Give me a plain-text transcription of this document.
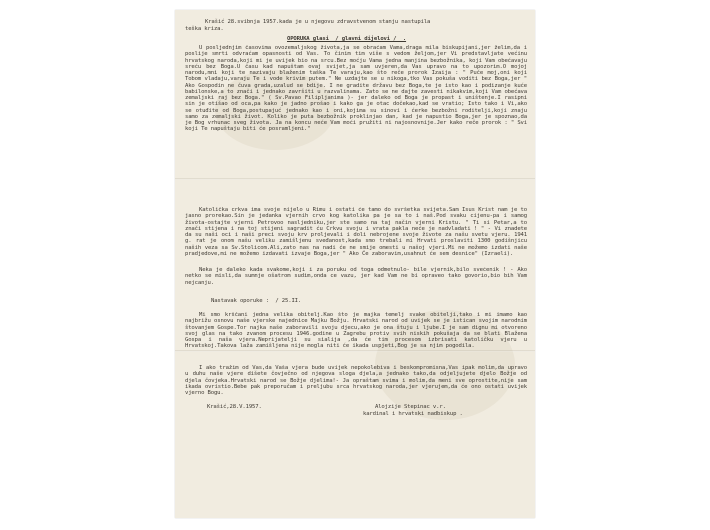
Krašić 28.svibnja 1957.kada je u njegovu zdravstvenom stanju nastupila
teška kriza.
OPORUKA glasi  / glavni dijelovi /  .
U posljednjim časovima ovozemaljskog života,ja se obraćam Vama,draga mila biskupijani,jer želim,da i poslije smrti odvraćam opasnosti od Vas. To činim tim više s vedom željom,jer Vi predstavljate većinu hrvatskog naroda,koji mi je uvijek bio na srcu.Bez moćju Vama jedna manjina bezbožnika, koji Vam obećavaju sreću bez Boga.U času kad napuštam ovaj svijet,ja sam uvjeren,da Vas upravo na to upozorim.O mojoj narodu,mni koji te nazivaju blaženim taška Te varaju,kao što reče prorok Izaija : " Puče moj,oni koji Tobom vladaju,varaju Te i vode krivim putem." Ne uzdajte se u nikoga,tko Vas pokuša voditi bez Boga,jer " Ako Gospodin ne čuva grada,uzalud se bdije. I ne gradite državu bez Boga,te je isto kao i podizanje kuće babilonske,a to znači i jednako završiti u razvalinama. Zato se ne dajte zavesti nikakvim,koji Vam obećava zemaljski raj bez Boga." ( Sv.Pavao Filipljanima )- jer daleko od Boga je propast i uništenje.I rasipni sin je otišao od oca,pa kako je jadno prošao i kako ga je otac dočekao,kad se vratio; Isto tako i Vi,ako se otuđite od Boga,postupajuć jednako kao i oni,kojima su sinovi i ćerke bezbožni roditelji,koji znaju samo za zemaljski život. Koliko je puta bezbožnik proklinjao dan, kad je napustio Boga,jer je spoznao,da je Bog vrhunac sveg života. Ja na koncu neće Vam moći pružiti ni najosnovnije.Jer kako reče prorok : " Svi koji Te napuštaju biti će posramljeni."
Katolička crkva ima svoje nijelo u Rimu i ostati će tamo do svršetka svijeta.Sam Isus Krist nam je to jasno prorekao.Sin je jedanka vjernih crvo kog katolika pa je sa to i naš.Pod svaku cijenu-pa i samog života-ostajte vjerni Petrovoo nasljedniku,jer ste samo na taj način vjerni Kristu. " Ti si Petar,a to znači stijena i na toj stijeni sagradit ću Crkvu svoju i vrata pakla neće je nadvladati ! " - Vi znadete da su naši oci i naši preci svoju krv proljevali i doli nebrojene svoje živote za našu svetu vjeru. 1941 g. rat je onom našu veliku zamišljenu sveđanost,kada smo trebali mi Hrvati proslaviti 1300 godišnjicu naših veza sa Sv.Stolicom.Ali,zato nas na nadi će ne smije omesti u našoj vjeri.Mi ne možemo izdati naše pradjedove,mi ne možemo izdavati izvaje Boga,jer " Ako Će zaboravim,usahnut će sem desnice" (Izraeli).
Neka je daleko kada svakome,koji i za poruku od toga odmetnulo- bile vjernik,bilo svećenik ! - Ako netko se misli,da sumnje ošatrom sudim,onda ce vazu, jer kad Vam ne bi opraveo tako govorio,bio bih Vam nejcanju.
Nastavak oporuke :  / 25.II.
Mi smo krščani jedna velika obitelj.Kao što je majka temelj svake obitelji,tako i mi imamo kao najbrižu osnovu naše vjerske najednice Majku Božju. Hrvatski narod od uvijek se je istican svojim narodnim štovanjem Gospe.Tor najka naše zaboravili svoju djecu,ako je ona štuju i ljube.I je sam dignu mi otvoreno svoj glas na tako zvanom procesu 1946.godine u Zagrebu protiv svih niskih pokušaja da se blati Blažena Gospa i naša vjera.Neprijatelji su sialija ,da će tim procesom izbrisati katoličku vjeru u Hrvatskoj.Takova laža zamišljena nije mogla niti će ikada uspjeti,Bog je sa njim pogodila.
I ako tražim od Vas,da Vaša vjera bude uvijek nepokolebiva i beskompromisna,Vas ipak molim,da upravo u duhu naše vjere dišete čovječno od njegova sloga djela,a jednako tako,da odjeljujete djelo Božje od djela čovjeka.Hrvatski narod se Božje djelima!- Ja opraštam svima i molim,da meni sve oprostite,nije sam ikada ovristio.Bebe pak preporučam i preljubu srca hrvatskog naroda,jer vjerujem,da će ono ostati uvijek vjerno Bogu.
Krašić,28.V.1957.	Alojzije Stepinac v.r.
kardinal i hrvatski nadbiskup .
